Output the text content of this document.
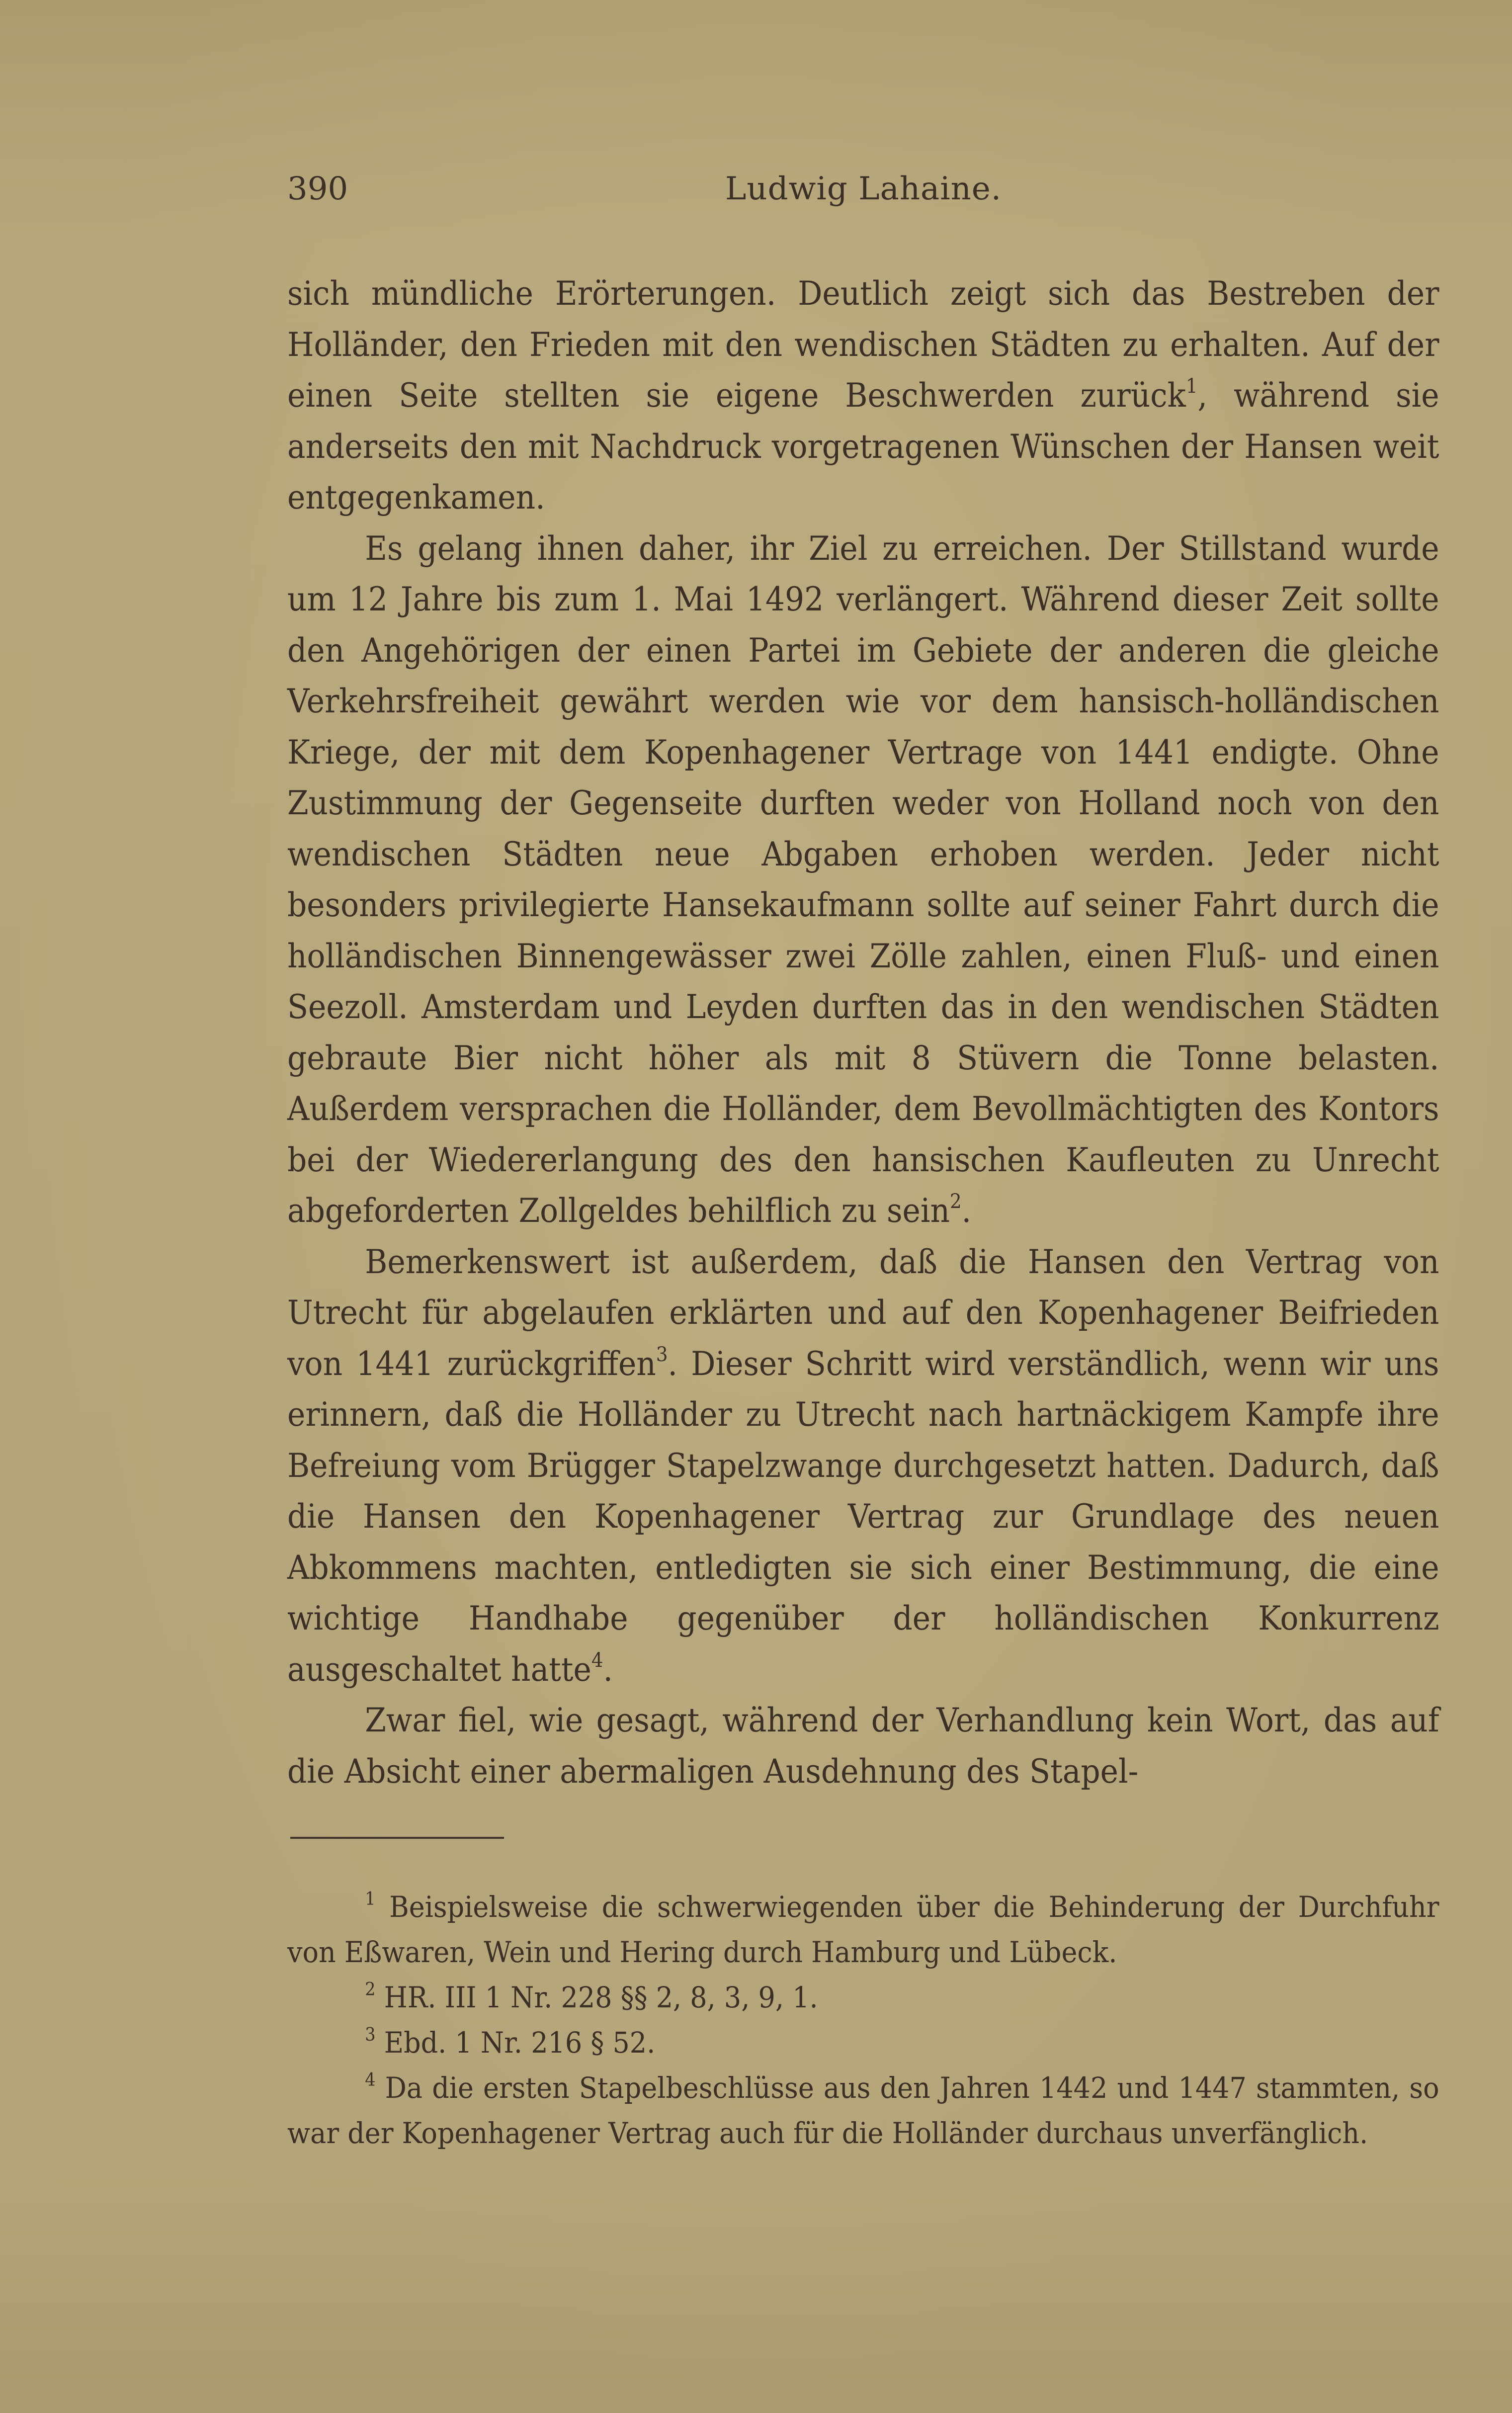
390	Ludwig Lahaine.

sich mündliche Erörterungen. Deutlich zeigt sich das Bestreben der Holländer, den Frieden mit den wendischen Städten zu erhalten. Auf der einen Seite stellten sie eigene Beschwerden zurück$^1$, während sie anderseits den mit Nachdruck vorgetragenen Wünschen der Hansen weit entgegenkamen.

Es gelang ihnen daher, ihr Ziel zu erreichen. Der Stillstand wurde um 12 Jahre bis zum 1. Mai 1492 verlängert. Während dieser Zeit sollte den Angehörigen der einen Partei im Gebiete der anderen die gleiche Verkehrsfreiheit gewährt werden wie vor dem hansisch-holländischen Kriege, der mit dem Kopenhagener Vertrage von 1441 endigte. Ohne Zustimmung der Gegenseite durften weder von Holland noch von den wendischen Städten neue Abgaben erhoben werden. Jeder nicht besonders privilegierte Hansekaufmann sollte auf seiner Fahrt durch die holländischen Binnengewässer zwei Zölle zahlen, einen Fluß- und einen Seezoll. Amsterdam und Leyden durften das in den wendischen Städten gebraute Bier nicht höher als mit 8 Stüvern die Tonne belasten. Außerdem versprachen die Holländer, dem Bevollmächtigten des Kontors bei der Wiedererlangung des den hansischen Kaufleuten zu Unrecht abgeforderten Zollgeldes behilflich zu sein$^2$.

Bemerkenswert ist außerdem, daß die Hansen den Vertrag von Utrecht für abgelaufen erklärten und auf den Kopenhagener Beifrieden von 1441 zurückgriffen$^3$. Dieser Schritt wird verständlich, wenn wir uns erinnern, daß die Holländer zu Utrecht nach hartnäckigem Kampfe ihre Befreiung vom Brügger Stapelzwange durchgesetzt hatten. Dadurch, daß die Hansen den Kopenhagener Vertrag zur Grundlage des neuen Abkommens machten, entledigten sie sich einer Bestimmung, die eine wichtige Handhabe gegenüber der holländischen Konkurrenz ausgeschaltet hatte$^4$.

Zwar fiel, wie gesagt, während der Verhandlung kein Wort, das auf die Absicht einer abermaligen Ausdehnung des Stapel-

$^1$ Beispielsweise die schwerwiegenden über die Behinderung der Durchfuhr von Eßwaren, Wein und Hering durch Hamburg und Lübeck.

$^2$ HR. III 1 Nr. 228 §§ 2, 8, 3, 9, 1.

$^3$ Ebd. 1 Nr. 216 § 52.

$^4$ Da die ersten Stapelbeschlüsse aus den Jahren 1442 und 1447 stammten, so war der Kopenhagener Vertrag auch für die Holländer durchaus unverfänglich.
